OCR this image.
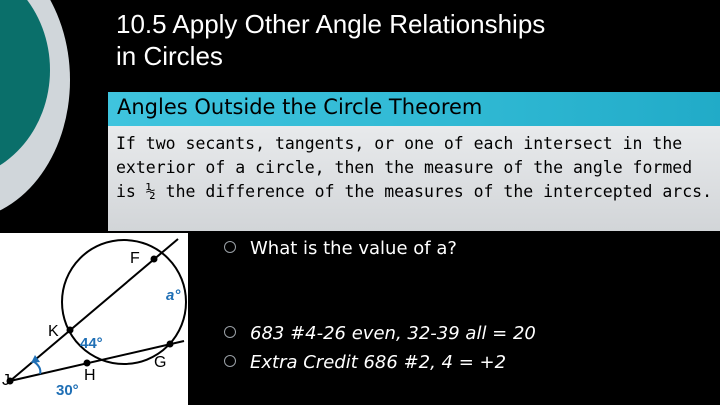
10.5 Apply Other Angle Relationships
in Circles
Angles Outside the Circle Theorem
If two secants, tangents, or one of each intersect in the
exterior of a circle, then the measure of the angle formed
is ½ the difference of the measures of the intercepted arcs.
F
K
G
J	H
44°
a°
30°
What is the value of a?
683 #4-26 even, 32-39 all = 20
Extra Credit 686 #2, 4 = +2
